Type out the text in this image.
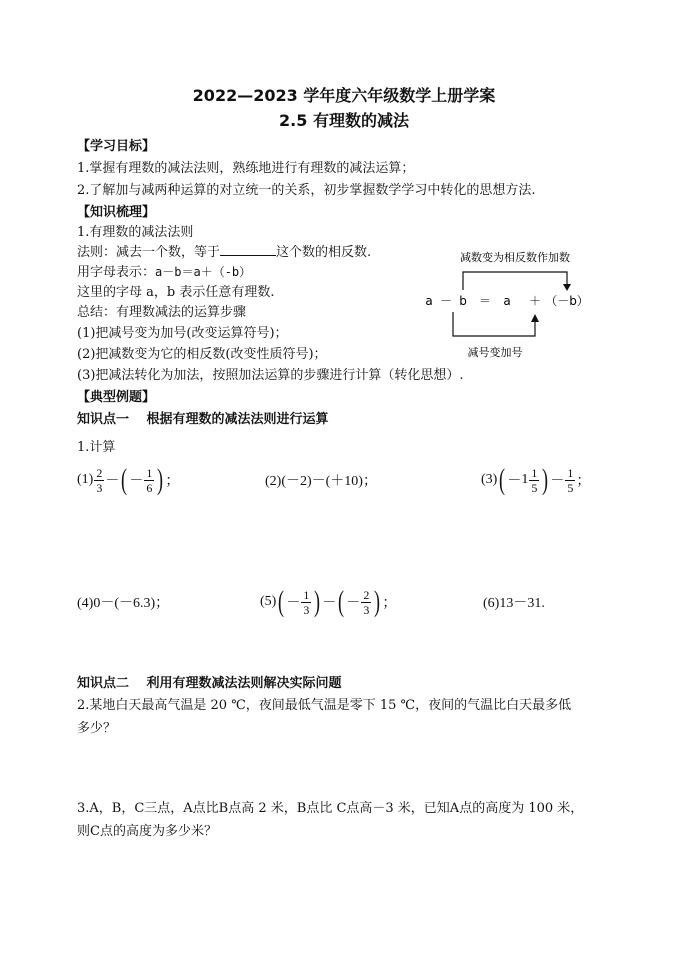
2022—2023 学年度六年级数学上册学案
2.5 有理数的减法
【学习目标】
1.掌握有理数的减法法则，熟练地进行有理数的减法运算；
2.了解加与减两种运算的对立统一的关系，初步掌握数学学习中转化的思想方法.
【知识梳理】
1.有理数的减法法则
法则：减去一个数，等于	这个数的相反数.
用字母表示：a－b＝a＋（-b）
这里的字母 a，b 表示任意有理数.
总结：有理数减法的运算步骤
(1)把减号变为加号(改变运算符号)；
(2)把减数变为它的相反数(改变性质符号)；
(3)把减法转化为加法，按照加法运算的步骤进行计算（转化思想）.
减数变为相反数作加数
a － b ＝ a ＋ （－b）
减号变加号
【典型例题】
知识点一　 根据有理数的减法法则进行运算
1.计算
$(1) \frac{2}{3}$ － ( － $\frac{1}{6}$ ) ；	(2)(－2)－(＋10)；	(3) ( － $1 \frac{1}{5}$ ) － $\frac{1}{5}$ ；
(4)0－(－6.3)；	(5) ( － $\frac{1}{3}$ ) － ( － $\frac{2}{3}$ ) ；	(6)13－31.
知识点二　 利用有理数减法法则解决实际问题
2.某地白天最高气温是 20 ℃，夜间最低气温是零下 15 ℃，夜间的气温比白天最多低
多少？
3.A，B，C三点，A点比B点高 2 米，B点比 C点高－3 米，已知A点的高度为 100 米，
则C点的高度为多少米？
